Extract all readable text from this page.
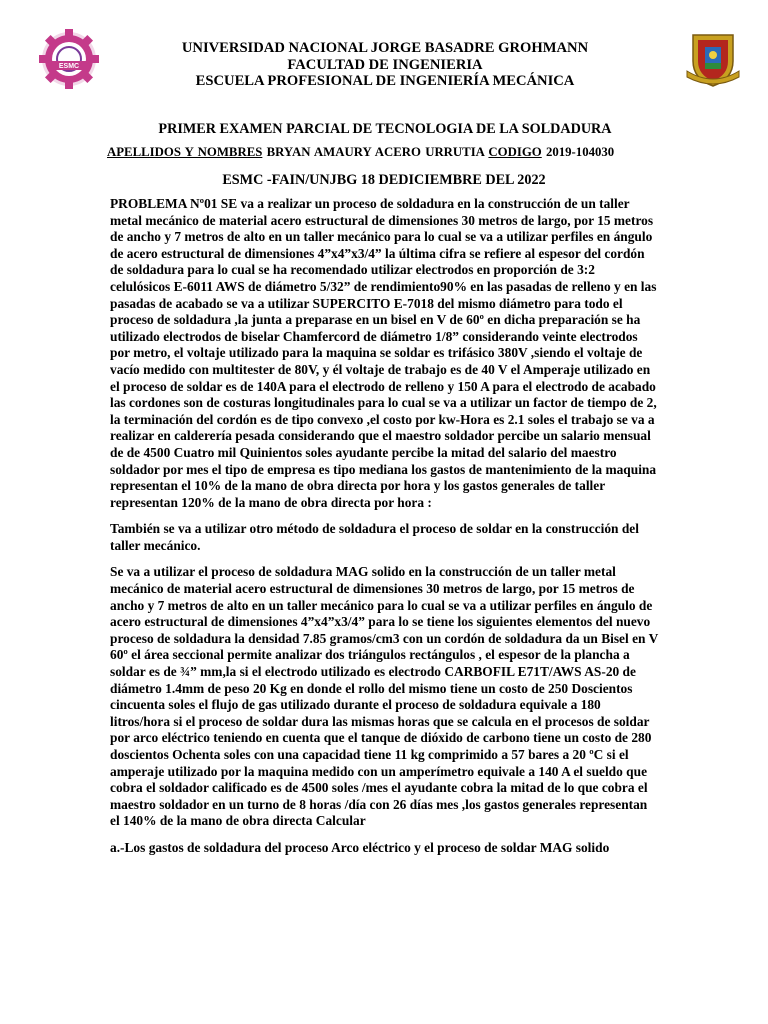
ESMC
UNIVERSIDAD NACIONAL JORGE BASADRE GROHMANN
FACULTAD DE INGENIERIA
ESCUELA PROFESIONAL DE INGENIERÍA MECÁNICA
PRIMER EXAMEN PARCIAL DE TECNOLOGIA DE LA SOLDADURA
APELLIDOS Y NOMBRES BRYAN AMAURY ACERO URRUTIA CODIGO 2019-104030
ESMC -FAIN/UNJBG 18 DEDICIEMBRE DEL 2022

PROBLEMA Nº01 SE va a realizar un proceso de soldadura en la construcción de un taller metal mecánico de material acero estructural de dimensiones 30 metros de largo, por 15 metros de ancho y 7 metros de alto en un taller mecánico para lo cual se va a utilizar perfiles en ángulo de acero estructural de dimensiones 4”x4”x3/4” la última cifra se refiere al espesor del cordón de soldadura para lo cual se ha recomendado utilizar electrodos en proporción de 3:2 celulósicos E-6011 AWS de diámetro 5/32” de rendimiento90% en las pasadas de relleno y en las pasadas de acabado se va a utilizar SUPERCITO E-7018 del mismo diámetro para todo el proceso de soldadura ,la junta a preparase en un bisel en V de 60º en dicha preparación se ha utilizado electrodos de biselar Chamfercord de diámetro 1/8” considerando veinte electrodos por metro, el voltaje utilizado para la maquina se soldar es trifásico 380V ,siendo el voltaje de vacío medido con multitester de 80V, y él voltaje de trabajo es de 40 V el Amperaje utilizado en el proceso de soldar es de 140A para el electrodo de relleno y 150 A para el electrodo de acabado las cordones son de costuras longitudinales para lo cual se va a utilizar un factor de tiempo de 2, la terminación del cordón es de tipo convexo ,el costo por kw-Hora es 2.1 soles el trabajo se va a realizar en calderería pesada considerando que el maestro soldador percibe un salario mensual de de 4500 Cuatro mil Quinientos soles ayudante percibe la mitad del salario del maestro soldador por mes el tipo de empresa es tipo mediana los gastos de mantenimiento de la maquina representan el 10% de la mano de obra directa por hora y los gastos generales de taller representan 120% de la mano de obra directa por hora :

También se va a utilizar otro método de soldadura el proceso de soldar en la construcción del taller mecánico.

Se va a utilizar el proceso de soldadura MAG solido en la construcción de un taller metal mecánico de material acero estructural de dimensiones 30 metros de largo, por 15 metros de ancho y 7 metros de alto en un taller mecánico para lo cual se va a utilizar perfiles en ángulo de acero estructural de dimensiones 4”x4”x3/4” para lo se tiene los siguientes elementos del nuevo proceso de soldadura la densidad 7.85 gramos/cm3 con un cordón de soldadura da un Bisel en V 60º el área seccional permite analizar dos triángulos rectángulos , el espesor de la plancha a soldar es de ¾” mm,la si el electrodo utilizado es electrodo CARBOFIL E71T/AWS AS-20 de diámetro 1.4mm de peso 20 Kg en donde el rollo del mismo tiene un costo de 250 Doscientos cincuenta soles el flujo de gas utilizado durante el proceso de soldadura equivale a 180 litros/hora si el proceso de soldar dura las mismas horas que se calcula en el procesos de soldar por arco eléctrico teniendo en cuenta que el tanque de dióxido de carbono tiene un costo de 280 doscientos Ochenta soles con una capacidad tiene 11 kg comprimido a 57 bares a 20 ºC si el amperaje utilizado por la maquina medido con un amperímetro equivale a 140 A el sueldo que cobra el soldador calificado es de 4500 soles /mes el ayudante cobra la mitad de lo que cobra el maestro soldador en un turno de 8 horas /día con 26 días mes ,los gastos generales representan el 140% de la mano de obra directa Calcular

a.-Los gastos de soldadura del proceso Arco eléctrico y el proceso de soldar MAG solido
